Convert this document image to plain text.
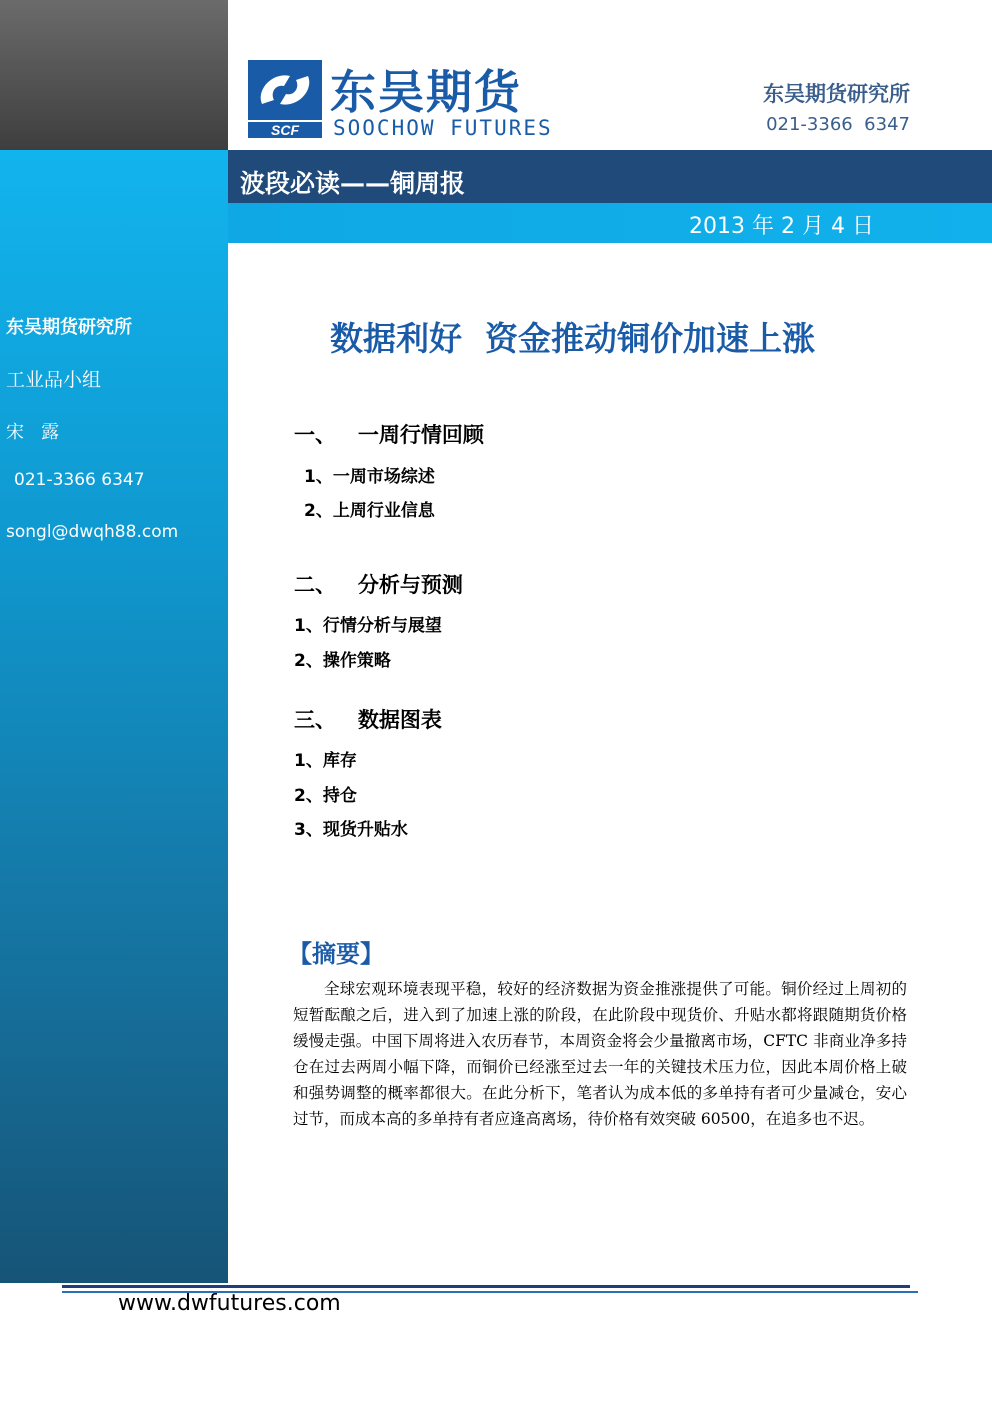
东吴期货研究所
工业品小组
宋   露
021-3366 6347
songl@dwqh88.com
SCF
东吴期货
SOOCHOW FUTURES
东吴期货研究所
021-3366  6347
波段必读——铜周报
2013 年 2 月 4 日
数据利好  资金推动铜价加速上涨
一、   一周行情回顾
1、一周市场综述
2、上周行业信息
二、   分析与预测
1、行情分析与展望
2、操作策略
三、   数据图表
1、库存
2、持仓
3、现货升贴水
【摘要】
全球宏观环境表现平稳，较好的经济数据为资金推涨提供了可能。铜价经过上周初的短暂酝酿之后，进入到了加速上涨的阶段，在此阶段中现货价、升贴水都将跟随期货价格缓慢走强。中国下周将进入农历春节，本周资金将会少量撤离市场，CFTC 非商业净多持仓在过去两周小幅下降，而铜价已经涨至过去一年的关键技术压力位，因此本周价格上破和强势调整的概率都很大。在此分析下，笔者认为成本低的多单持有者可少量减仓，安心过节，而成本高的多单持有者应逢高离场，待价格有效突破 60500，在追多也不迟。
www.dwfutures.com
